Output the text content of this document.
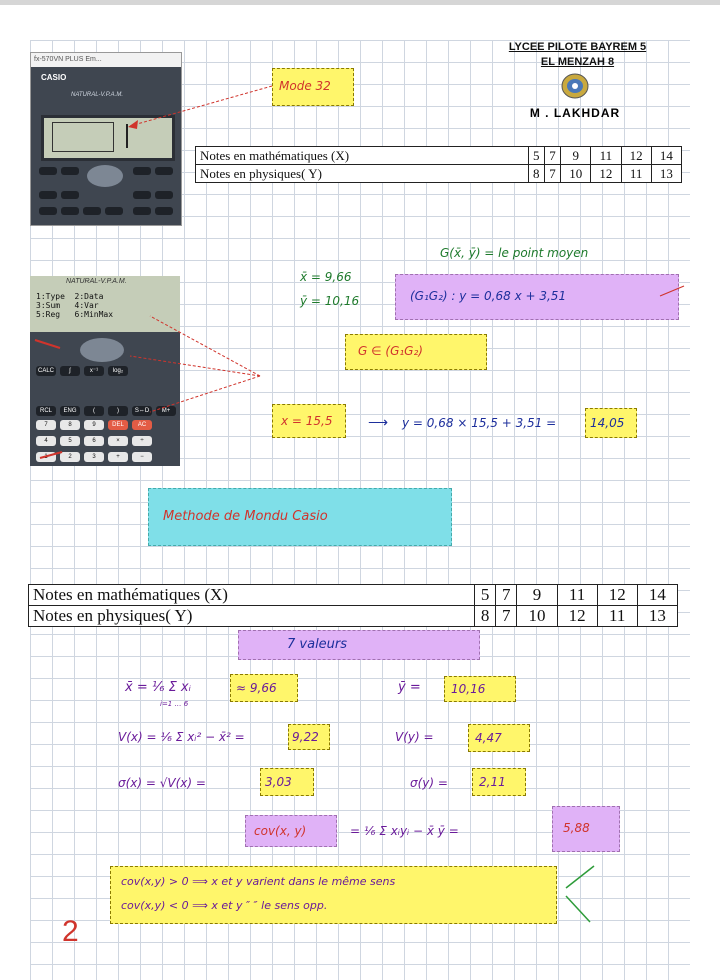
LYCEE PILOTE BAYREM 5
EL MENZAH 8
M . LAKHDAR
fx-570VN PLUS Em...
CASIO
NATURAL-V.P.A.M.
Mode 32
Notes en mathématiques (X)	5	7	9	11	12	14
Notes en physiques( Y)	8	7	10	12	11	13
NATURAL-V.P.A.M.
1:Type  2:Data
3:Sum   4:Var
5:Reg   6:MinMax
CALC	∫	x⁻¹	log₂
RCL	ENG	(	)	S⇔D	M+
7	8	9	DEL	AC
4	5	6	×	÷
2	3	+	−
G(x̄, ȳ) = le point moyen
x̄ = 9,66
ȳ = 10,16	(G₁G₂) : y = 0,68 x + 3,51
G ∈ (G₁G₂)
x = 15,5	⟶ y = 0,68 × 15,5 + 3,51 =	14,05
Methode de Mondu Casio
Notes en mathématiques (X)	5	7	9	11	12	14
Notes en physiques( Y)	8	7	10	12	11	13
7 valeurs
x̄ = ¹⁄₆ Σ xᵢ
i=1 … 6
≈ 9,66	ȳ =	10,16
V(x) = ¹⁄₆ Σ xᵢ² − x̄² =	9,22	V(y) =	4,47
σ(x) = √V(x) =	3,03	σ(y) =	2,11
cov(x, y)	= ¹⁄₆ Σ xᵢyᵢ − x̄ ȳ =	5,88
cov(x,y) > 0 ⟹ x et y varient dans le même sens
cov(x,y) < 0 ⟹ x et y ″ ″ le sens opp.
2
